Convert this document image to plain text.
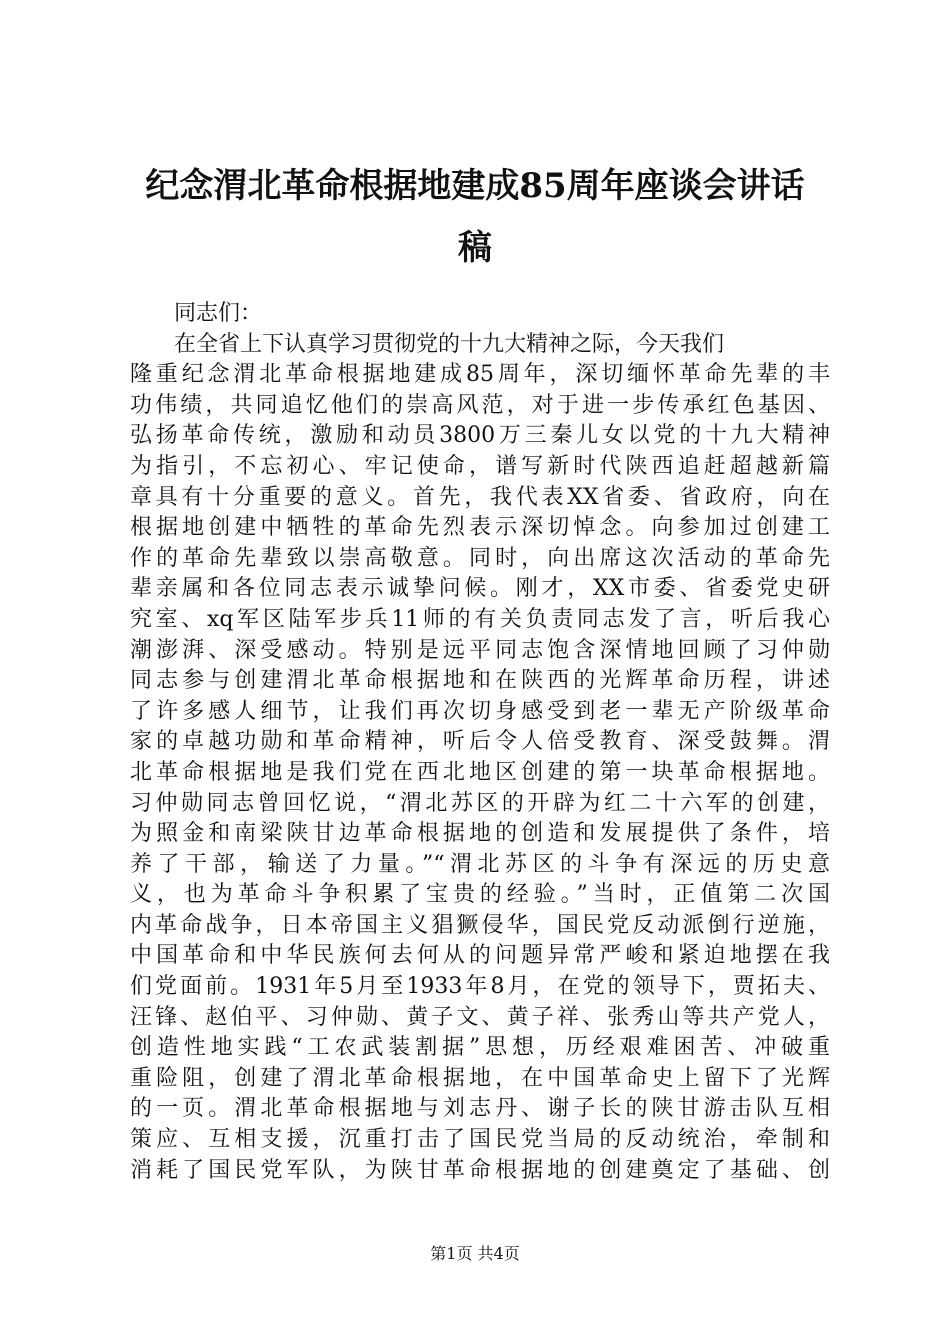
纪念渭北革命根据地建成85周年座谈会讲话
稿
同志们：
在全省上下认真学习贯彻党的十九大精神之际，今天我们
隆重纪念渭北革命根据地建成85周年，深切缅怀革命先辈的丰
功伟绩，共同追忆他们的崇高风范，对于进一步传承红色基因、
弘扬革命传统，激励和动员3800万三秦儿女以党的十九大精神
为指引，不忘初心、牢记使命，谱写新时代陕西追赶超越新篇
章具有十分重要的意义。首先，我代表XX省委、省政府，向在
根据地创建中牺牲的革命先烈表示深切悼念。向参加过创建工
作的革命先辈致以崇高敬意。同时，向出席这次活动的革命先
辈亲属和各位同志表示诚挚问候。刚才，XX市委、省委党史研
究室、xq军区陆军步兵11师的有关负责同志发了言，听后我心
潮澎湃、深受感动。特别是远平同志饱含深情地回顾了习仲勋
同志参与创建渭北革命根据地和在陕西的光辉革命历程，讲述
了许多感人细节，让我们再次切身感受到老一辈无产阶级革命
家的卓越功勋和革命精神，听后令人倍受教育、深受鼓舞。渭
北革命根据地是我们党在西北地区创建的第一块革命根据地。
习仲勋同志曾回忆说，“渭北苏区的开辟为红二十六军的创建，
为照金和南梁陕甘边革命根据地的创造和发展提供了条件，培
养了干部，输送了力量。”“渭北苏区的斗争有深远的历史意
义，也为革命斗争积累了宝贵的经验。”当时，正值第二次国
内革命战争，日本帝国主义猖獗侵华，国民党反动派倒行逆施，
中国革命和中华民族何去何从的问题异常严峻和紧迫地摆在我
们党面前。1931年5月至1933年8月，在党的领导下，贾拓夫、
汪锋、赵伯平、习仲勋、黄子文、黄子祥、张秀山等共产党人，
创造性地实践“工农武装割据”思想，历经艰难困苦、冲破重
重险阻，创建了渭北革命根据地，在中国革命史上留下了光辉
的一页。渭北革命根据地与刘志丹、谢子长的陕甘游击队互相
策应、互相支援，沉重打击了国民党当局的反动统治，牵制和
消耗了国民党军队，为陕甘革命根据地的创建奠定了基础、创
第1页 共4页
